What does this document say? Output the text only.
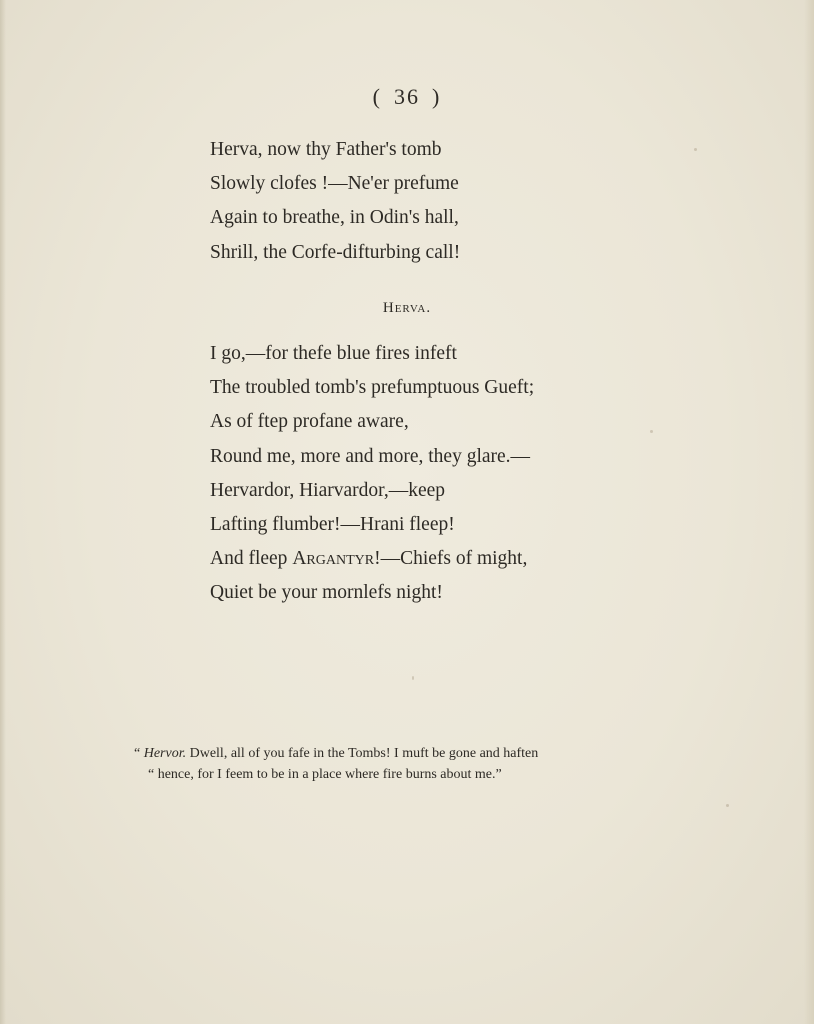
( 36 )
Herva, now thy Father's tomb
Slowly clofes !—Ne'er prefume
Again to breathe, in Odin's hall,
Shrill, the Corfe-difturbing call!
Herva.
I go,—for thefe blue fires infeft
The troubled tomb's prefumptuous Gueft;
As of ftep profane aware,
Round me, more and more, they glare.—
Hervardor, Hiarvardor,—keep
Lafting flumber!—Hrani fleep!
And fleep Argantyr!—Chiefs of might,
Quiet be your mornlefs night!
“ Hervor. Dwell, all of you fafe in the Tombs! I muft be gone and haften
“ hence, for I feem to be in a place where fire burns about me.”
